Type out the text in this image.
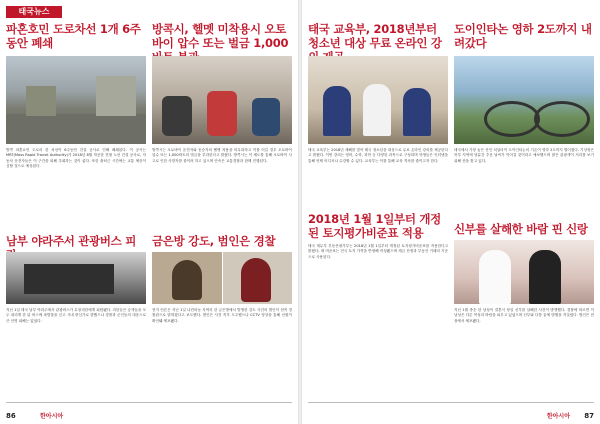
태국뉴스
파혼호민 도로차선 1개 6주동안 폐쇄

방콕 파혼요민 도로의 한 차선이 6주동안 건설 공사로 인해 폐쇄된다. 이 공사는 MRT(Mass Rapid Transit Authority)가 2018년 8월 착공한 전철 노선 건설 공사로, 자동차 운전자들은 이 구간을 피해 우회하는 것이 좋다. 또한 출퇴근 시간에는 교통 체증이 심할 것으로 예상된다.

방콕시, 헬멧 미착용시 오토바이 압수 또는 벌금 1,000

방콕시는 오토바이 운전자와 동승자의 헬멧 착용을 의무화하고 이를 어길 경우 오토바이 압수 또는 1,000바트의 벌금을 부과한다고 밝혔다. 방콕시는 이 제도를 통해 오토바이 사고로 인한 사망자를 줄이려 하고 있으며 단속은 교통경찰과 함께 진행된다.

남부 야라주서 관광버스 피

지난 1일 태국 남부 야라주에서 관광버스가 무장괴한에게 피랍됐다. 괴한들은 승객들을 모두 내리게 한 뒤 버스에 폭발물을 싣고 시내 중심가로 향했으나 경찰과 군인들의 대응으로 큰 인명 피해는 없었다.

금은방 강도, 범인은 경찰

현지 언론은 지난 1일 나컨파놈 지역의 한 금은방에서 발생한 강도 사건의 범인이 현직 경찰관으로 밝혀졌다고 보도했다. 범인은 사건 직후 도주했으나 CCTV 영상을 통해 신원이 확인돼 체포됐다.

86	한아시아
태국 교육부, 2018년부터 청소년 대상 무료 온라인 강

태국 교육부는 2018년 새해를 맞아 태국 청소년을 대상으로 무료 온라인 강의를 제공한다고 밝혔다. 이번 강의는 영어, 수학, 과학 등 다양한 과목으로 구성되며 학생들은 인터넷을 통해 언제 어디서나 수강할 수 있다. 교육부는 이를 통해 교육 격차를 줄이고자 한다.

도이인타논 영하 2도까지 내려갔다

태국에서 가장 높은 산인 치앙마이 도이인타논의 기온이 영하 2도까지 떨어졌다. 기상청은 북부 지역에 당분간 추운 날씨가 이어질 것이라고 예보했으며 많은 관광객이 서리를 보기 위해 산을 찾고 있다.

2018년 1월 1일부터 개정된 토지평가비준표 적용

태국 재무부 부동산평가부는 2018년 1월 1일부터 개정된 토지평가비준표를 적용한다고 밝혔다. 새 비준표는 전국 토지 가격을 반영해 작성됐으며 세금 산정과 부동산 거래의 기준으로 사용된다.

신부를 살해한 바람 핀 신랑

지난 1월 중순 한 남성이 결혼식 당일 신부를 살해한 사건이 발생했다. 경찰에 따르면 이 남성은 다른 여성과 바람을 피우고 있었으며 신부와 다툼 끝에 범행을 저질렀다. 범인은 현장에서 체포됐다.

한아시아 87
